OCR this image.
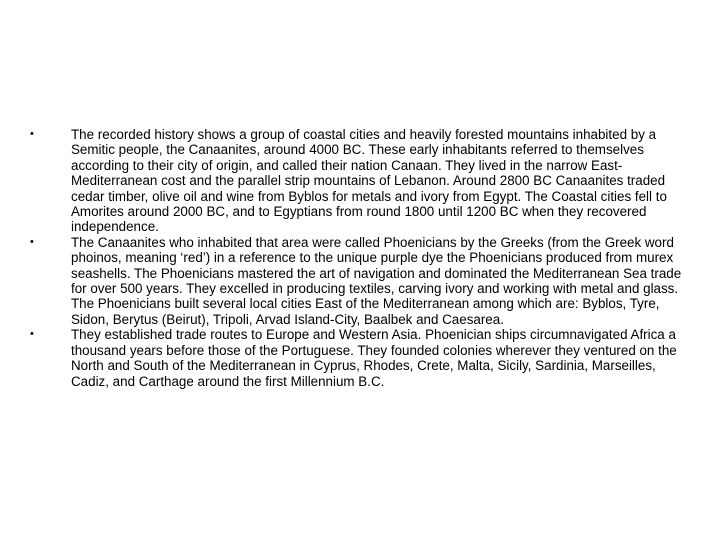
•	The recorded history shows a group of coastal cities and heavily forested mountains inhabited by a Semitic people, the Canaanites, around 4000 BC. These early inhabitants referred to themselves according to their city of origin, and called their nation Canaan. They lived in the narrow East-Mediterranean cost and the parallel strip mountains of Lebanon. Around 2800 BC Canaanites traded cedar timber, olive oil and wine from Byblos for metals and ivory from Egypt. The Coastal cities fell to Amorites around 2000 BC, and to Egyptians from round 1800 until 1200 BC when they recovered independence.
•	The Canaanites who inhabited that area were called Phoenicians by the Greeks (from the Greek word phoinos, meaning ‘red’) in a reference to the unique purple dye the Phoenicians produced from murex seashells. The Phoenicians mastered the art of navigation and dominated the Mediterranean Sea trade for over 500 years. They excelled in producing textiles, carving ivory and working with metal and glass. The Phoenicians built several local cities East of the Mediterranean among which are: Byblos, Tyre, Sidon, Berytus (Beirut), Tripoli, Arvad Island-City, Baalbek and Caesarea.
•	They established trade routes to Europe and Western Asia. Phoenician ships circumnavigated Africa a thousand years before those of the Portuguese. They founded colonies wherever they ventured on the North and South of the Mediterranean in Cyprus, Rhodes, Crete, Malta, Sicily, Sardinia, Marseilles, Cadiz, and Carthage around the first Millennium B.C.
